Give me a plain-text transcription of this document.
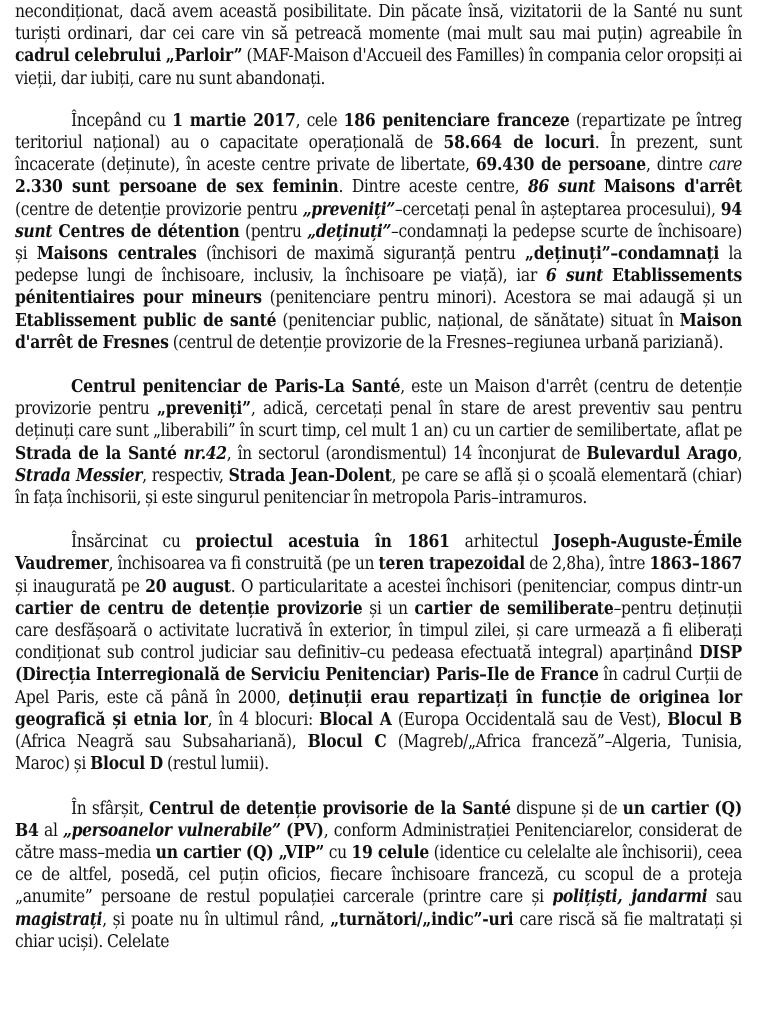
necondiționat, dacă avem această posibilitate. Din păcate însă, vizitatorii de la Santé nu sunt turiști ordinari, dar cei care vin să petreacă momente (mai mult sau mai puțin) agreabile în cadrul celebrului „Parloir” (MAF-Maison d'Accueil des Familles) în compania celor oropsiți ai vieții, dar iubiți, care nu sunt abandonați.

Începând cu 1 martie 2017, cele 186 penitenciare franceze (repartizate pe întreg teritoriul național) au o capacitate operațională de 58.664 de locuri. În prezent, sunt încacerate (deținute), în aceste centre private de libertate, 69.430 de persoane, dintre care 2.330 sunt persoane de sex feminin. Dintre aceste centre, 86 sunt Maisons d'arrêt (centre de detenție provizorie pentru „preveniți”–cercetați penal în așteptarea procesului), 94 sunt Centres de détention (pentru „deținuți”–condamnați la pedepse scurte de închisoare) și Maisons centrales (închisori de maximă siguranță pentru „deținuți”–condamnați la pedepse lungi de închisoare, inclusiv, la închisoare pe viață), iar 6 sunt Etablissements pénitentiaires pour mineurs (penitenciare pentru minori). Acestora se mai adaugă și un Etablissement public de santé (penitenciar public, național, de sănătate) situat în Maison d'arrêt de Fresnes (centrul de detenție provizorie de la Fresnes–regiunea urbană pariziană).

Centrul penitenciar de Paris-La Santé, este un Maison d'arrêt (centru de detenție provizorie pentru „preveniți”, adică, cercetați penal în stare de arest preventiv sau pentru deținuți care sunt „liberabili” în scurt timp, cel mult 1 an) cu un cartier de semilibertate, aflat pe Strada de la Santé nr.42, în sectorul (arondismentul) 14 înconjurat de Bulevardul Arago, Strada Messier, respectiv, Strada Jean-Dolent, pe care se află și o școală elementară (chiar) în fața închisorii, și este singurul penitenciar în metropola Paris–intramuros.

Însărcinat cu proiectul acestuia în 1861 arhitectul Joseph-Auguste-Émile Vaudremer, închisoarea va fi construită (pe un teren trapezoidal de 2,8ha), între 1863–1867 și inaugurată pe 20 august. O particularitate a acestei închisori (penitenciar, compus dintr-un cartier de centru de detenție provizorie și un cartier de semiliberate–pentru deținuții care desfășoară o activitate lucrativă în exterior, în timpul zilei, și care urmează a fi eliberați condiționat sub control judiciar sau definitiv–cu pedeasa efectuată integral) aparținând DISP (Direcția Interregională de Serviciu Penitenciar) Paris–Ile de France în cadrul Curții de Apel Paris, este că până în 2000, deținuții erau repartizați în funcție de originea lor geografică și etnia lor, în 4 blocuri: Blocal A (Europa Occidentală sau de Vest), Blocul B (Africa Neagră sau Subsahariană), Blocul C (Magreb/„Africa franceză”–Algeria, Tunisia, Maroc) și Blocul D (restul lumii).

În sfârșit, Centrul de detenție provisorie de la Santé dispune și de un cartier (Q) B4 al „persoanelor vulnerabile” (PV), conform Administrației Penitenciarelor, considerat de către mass–media un cartier (Q) „VIP” cu 19 celule (identice cu celelalte ale închisorii), ceea ce de altfel, posedă, cel puțin oficios, fiecare închisoare franceză, cu scopul de a proteja „anumite” persoane de restul populației carcerale (printre care și polițiști, jandarmi sau magistrați, și poate nu în ultimul rând, „turnători/„indic”-uri care riscă să fie maltratați și chiar uciși). Celelate
